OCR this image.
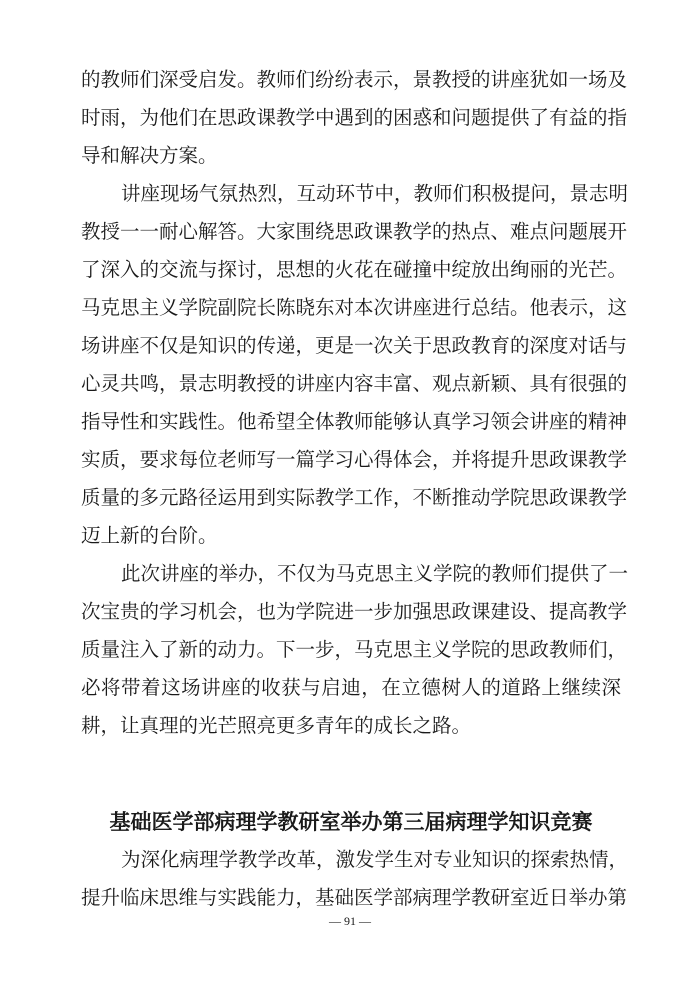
的教师们深受启发。教师们纷纷表示，景教授的讲座犹如一场及
时雨，为他们在思政课教学中遇到的困惑和问题提供了有益的指
导和解决方案。
讲座现场气氛热烈，互动环节中，教师们积极提问，景志明
教授一一耐心解答。大家围绕思政课教学的热点、难点问题展开
了深入的交流与探讨，思想的火花在碰撞中绽放出绚丽的光芒。
马克思主义学院副院长陈晓东对本次讲座进行总结。他表示，这
场讲座不仅是知识的传递，更是一次关于思政教育的深度对话与
心灵共鸣，景志明教授的讲座内容丰富、观点新颖、具有很强的
指导性和实践性。他希望全体教师能够认真学习领会讲座的精神
实质，要求每位老师写一篇学习心得体会，并将提升思政课教学
质量的多元路径运用到实际教学工作，不断推动学院思政课教学
迈上新的台阶。
此次讲座的举办，不仅为马克思主义学院的教师们提供了一
次宝贵的学习机会，也为学院进一步加强思政课建设、提高教学
质量注入了新的动力。下一步，马克思主义学院的思政教师们，
必将带着这场讲座的收获与启迪，在立德树人的道路上继续深
耕，让真理的光芒照亮更多青年的成长之路。
基础医学部病理学教研室举办第三届病理学知识竞赛
为深化病理学教学改革，激发学生对专业知识的探索热情，
提升临床思维与实践能力，基础医学部病理学教研室近日举办第
— 91 —
